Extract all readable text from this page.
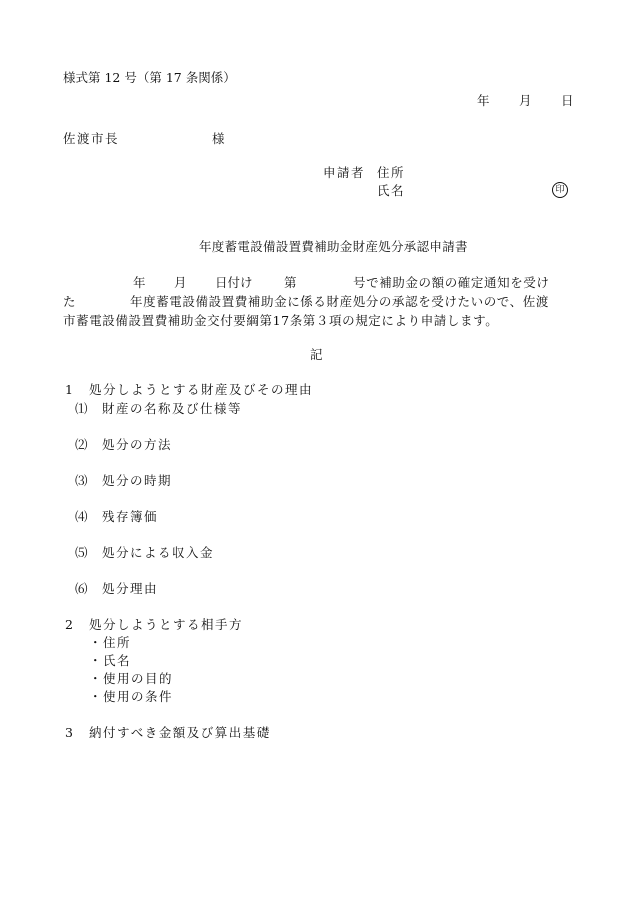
様式第 12 号（第 17 条関係）
年 月 日
佐渡市長	様
申請者 住所
氏名	印
年度蓄電設備設置費補助金財産処分承認申請書
年 月 日付け	第	号で補助金の額の確定通知を受け
た	年度蓄電設備設置費補助金に係る財産処分の承認を受けたいので、佐渡
市蓄電設備設置費補助金交付要綱第17条第３項の規定により申請します。
記
1 処分しようとする財産及びその理由
⑴ 財産の名称及び仕様等
⑵ 処分の方法
⑶ 処分の時期
⑷ 残存簿価
⑸ 処分による収入金
⑹ 処分理由
2 処分しようとする相手方
・住所
・氏名
・使用の目的
・使用の条件
3 納付すべき金額及び算出基礎
